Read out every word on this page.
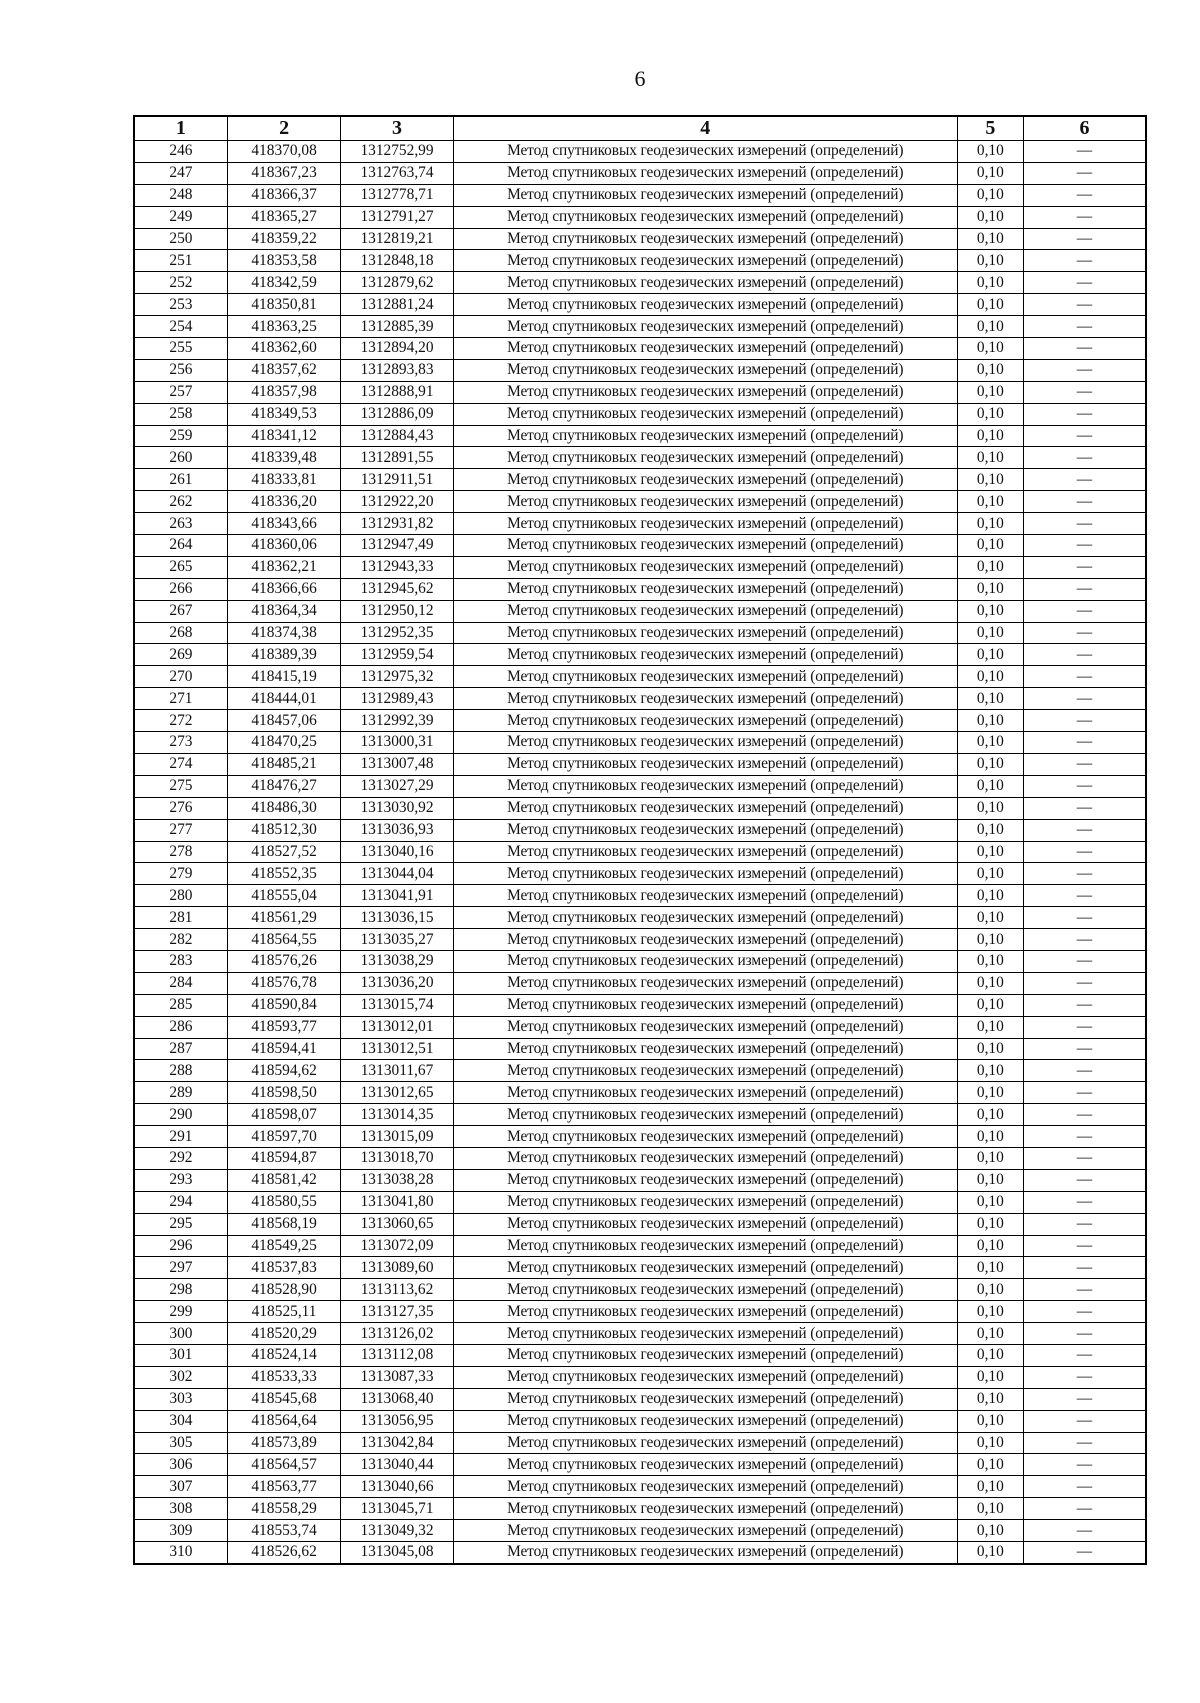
6
1	2	3	4	5	6
246	418370,08	1312752,99	Метод спутниковых геодезических измерений (определений)	0,10	—
247	418367,23	1312763,74	Метод спутниковых геодезических измерений (определений)	0,10	—
248	418366,37	1312778,71	Метод спутниковых геодезических измерений (определений)	0,10	—
249	418365,27	1312791,27	Метод спутниковых геодезических измерений (определений)	0,10	—
250	418359,22	1312819,21	Метод спутниковых геодезических измерений (определений)	0,10	—
251	418353,58	1312848,18	Метод спутниковых геодезических измерений (определений)	0,10	—
252	418342,59	1312879,62	Метод спутниковых геодезических измерений (определений)	0,10	—
253	418350,81	1312881,24	Метод спутниковых геодезических измерений (определений)	0,10	—
254	418363,25	1312885,39	Метод спутниковых геодезических измерений (определений)	0,10	—
255	418362,60	1312894,20	Метод спутниковых геодезических измерений (определений)	0,10	—
256	418357,62	1312893,83	Метод спутниковых геодезических измерений (определений)	0,10	—
257	418357,98	1312888,91	Метод спутниковых геодезических измерений (определений)	0,10	—
258	418349,53	1312886,09	Метод спутниковых геодезических измерений (определений)	0,10	—
259	418341,12	1312884,43	Метод спутниковых геодезических измерений (определений)	0,10	—
260	418339,48	1312891,55	Метод спутниковых геодезических измерений (определений)	0,10	—
261	418333,81	1312911,51	Метод спутниковых геодезических измерений (определений)	0,10	—
262	418336,20	1312922,20	Метод спутниковых геодезических измерений (определений)	0,10	—
263	418343,66	1312931,82	Метод спутниковых геодезических измерений (определений)	0,10	—
264	418360,06	1312947,49	Метод спутниковых геодезических измерений (определений)	0,10	—
265	418362,21	1312943,33	Метод спутниковых геодезических измерений (определений)	0,10	—
266	418366,66	1312945,62	Метод спутниковых геодезических измерений (определений)	0,10	—
267	418364,34	1312950,12	Метод спутниковых геодезических измерений (определений)	0,10	—
268	418374,38	1312952,35	Метод спутниковых геодезических измерений (определений)	0,10	—
269	418389,39	1312959,54	Метод спутниковых геодезических измерений (определений)	0,10	—
270	418415,19	1312975,32	Метод спутниковых геодезических измерений (определений)	0,10	—
271	418444,01	1312989,43	Метод спутниковых геодезических измерений (определений)	0,10	—
272	418457,06	1312992,39	Метод спутниковых геодезических измерений (определений)	0,10	—
273	418470,25	1313000,31	Метод спутниковых геодезических измерений (определений)	0,10	—
274	418485,21	1313007,48	Метод спутниковых геодезических измерений (определений)	0,10	—
275	418476,27	1313027,29	Метод спутниковых геодезических измерений (определений)	0,10	—
276	418486,30	1313030,92	Метод спутниковых геодезических измерений (определений)	0,10	—
277	418512,30	1313036,93	Метод спутниковых геодезических измерений (определений)	0,10	—
278	418527,52	1313040,16	Метод спутниковых геодезических измерений (определений)	0,10	—
279	418552,35	1313044,04	Метод спутниковых геодезических измерений (определений)	0,10	—
280	418555,04	1313041,91	Метод спутниковых геодезических измерений (определений)	0,10	—
281	418561,29	1313036,15	Метод спутниковых геодезических измерений (определений)	0,10	—
282	418564,55	1313035,27	Метод спутниковых геодезических измерений (определений)	0,10	—
283	418576,26	1313038,29	Метод спутниковых геодезических измерений (определений)	0,10	—
284	418576,78	1313036,20	Метод спутниковых геодезических измерений (определений)	0,10	—
285	418590,84	1313015,74	Метод спутниковых геодезических измерений (определений)	0,10	—
286	418593,77	1313012,01	Метод спутниковых геодезических измерений (определений)	0,10	—
287	418594,41	1313012,51	Метод спутниковых геодезических измерений (определений)	0,10	—
288	418594,62	1313011,67	Метод спутниковых геодезических измерений (определений)	0,10	—
289	418598,50	1313012,65	Метод спутниковых геодезических измерений (определений)	0,10	—
290	418598,07	1313014,35	Метод спутниковых геодезических измерений (определений)	0,10	—
291	418597,70	1313015,09	Метод спутниковых геодезических измерений (определений)	0,10	—
292	418594,87	1313018,70	Метод спутниковых геодезических измерений (определений)	0,10	—
293	418581,42	1313038,28	Метод спутниковых геодезических измерений (определений)	0,10	—
294	418580,55	1313041,80	Метод спутниковых геодезических измерений (определений)	0,10	—
295	418568,19	1313060,65	Метод спутниковых геодезических измерений (определений)	0,10	—
296	418549,25	1313072,09	Метод спутниковых геодезических измерений (определений)	0,10	—
297	418537,83	1313089,60	Метод спутниковых геодезических измерений (определений)	0,10	—
298	418528,90	1313113,62	Метод спутниковых геодезических измерений (определений)	0,10	—
299	418525,11	1313127,35	Метод спутниковых геодезических измерений (определений)	0,10	—
300	418520,29	1313126,02	Метод спутниковых геодезических измерений (определений)	0,10	—
301	418524,14	1313112,08	Метод спутниковых геодезических измерений (определений)	0,10	—
302	418533,33	1313087,33	Метод спутниковых геодезических измерений (определений)	0,10	—
303	418545,68	1313068,40	Метод спутниковых геодезических измерений (определений)	0,10	—
304	418564,64	1313056,95	Метод спутниковых геодезических измерений (определений)	0,10	—
305	418573,89	1313042,84	Метод спутниковых геодезических измерений (определений)	0,10	—
306	418564,57	1313040,44	Метод спутниковых геодезических измерений (определений)	0,10	—
307	418563,77	1313040,66	Метод спутниковых геодезических измерений (определений)	0,10	—
308	418558,29	1313045,71	Метод спутниковых геодезических измерений (определений)	0,10	—
309	418553,74	1313049,32	Метод спутниковых геодезических измерений (определений)	0,10	—
310	418526,62	1313045,08	Метод спутниковых геодезических измерений (определений)	0,10	—
